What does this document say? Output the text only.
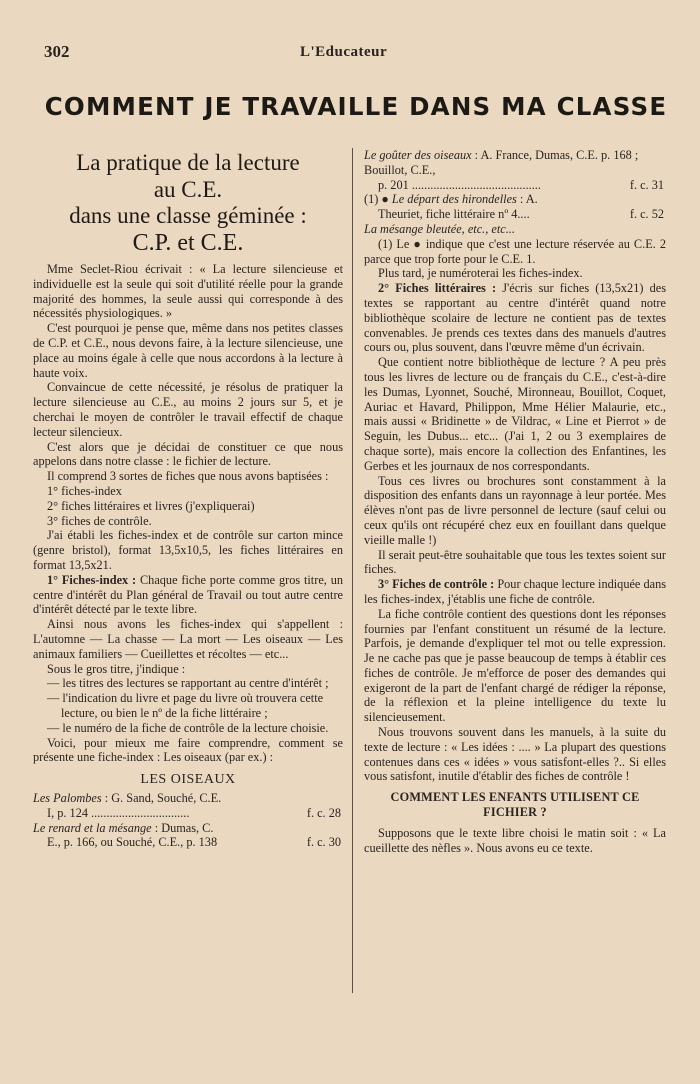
302	L'Educateur
COMMENT JE TRAVAILLE DANS MA CLASSE
La pratique de la lecture
au C.E.
dans une classe géminée :
C.P. et C.E.

Mme Seclet-Riou écrivait : « La lecture silencieuse et individuelle est la seule qui soit d'utilité réelle pour la grande majorité des hommes, la seule aussi qui corresponde à des nécessités physiologiques. »

C'est pourquoi je pense que, même dans nos petites classes de C.P. et C.E., nous devons faire, à la lecture silencieuse, une place au moins égale à celle que nous accordons à la lecture à haute voix.

Convaincue de cette nécessité, je résolus de pratiquer la lecture silencieuse au C.E., au moins 2 jours sur 5, et je cherchai le moyen de contrôler le travail effectif de chaque lecteur silencieux.

C'est alors que je décidai de constituer ce que nous appelons dans notre classe : le fichier de lecture.

Il comprend 3 sortes de fiches que nous avons baptisées :

1° fiches-index
2° fiches littéraires et livres (j'expliquerai)
3° fiches de contrôle.

J'ai établi les fiches-index et de contrôle sur carton mince (genre bristol), format 13,5x10,5, les fiches littéraires en format 13,5x21.

1° Fiches-index : Chaque fiche porte comme gros titre, un centre d'intérêt du Plan général de Travail ou tout autre centre d'intérêt détecté par le texte libre.

Ainsi nous avons les fiches-index qui s'appellent : L'automne — La chasse — La mort — Les oiseaux — Les animaux familiers — Cueillettes et récoltes — etc...

Sous le gros titre, j'indique :

— les titres des lectures se rapportant au centre d'intérêt ;
— l'indication du livre et page du livre où trouvera cette lecture, ou bien le nº de la fiche littéraire ;
— le numéro de la fiche de contrôle de la lecture choisie.

Voici, pour mieux me faire comprendre, comment se présente une fiche-index : Les oiseaux (par ex.) :

LES OISEAUX
Les Palombes : G. Sand, Souché, C.E.
I, p. 124 ................................	f. c. 28
Le renard et la mésange : Dumas, C.
E., p. 166, ou Souché, C.E., p. 138	f. c. 30
Le goûter des oiseaux : A. France, Dumas, C.E. p. 168 ; Bouillot, C.E.,
p. 201 ..........................................	f. c. 31
(1) ● Le départ des hirondelles : A.
Theuriet, fiche littéraire nº 4....	f. c. 52
La mésange bleutée, etc., etc...

(1) Le ● indique que c'est une lecture réservée au C.E. 2 parce que trop forte pour le C.E. 1.

Plus tard, je numéroterai les fiches-index.

2° Fiches littéraires : J'écris sur fiches (13,5x21) des textes se rapportant au centre d'intérêt quand notre bibliothèque scolaire de lecture ne contient pas de textes convenables. Je prends ces textes dans des manuels d'autres cours ou, plus souvent, dans l'œuvre même d'un écrivain.

Que contient notre bibliothèque de lecture ? A peu près tous les livres de lecture ou de français du C.E., c'est-à-dire les Dumas, Lyonnet, Souché, Mironneau, Bouillot, Coquet, Auriac et Havard, Philippon, Mme Hélier Malaurie, etc., mais aussi « Bridinette » de Vildrac, « Line et Pierrot » de Seguin, les Dubus... etc... (J'ai 1, 2 ou 3 exemplaires de chaque sorte), mais encore la collection des Enfantines, les Gerbes et les journaux de nos correspondants.

Tous ces livres ou brochures sont constamment à la disposition des enfants dans un rayonnage à leur portée. Mes élèves n'ont pas de livre personnel de lecture (sauf celui ou ceux qu'ils ont récupéré chez eux en fouillant dans quelque vieille malle !)

Il serait peut-être souhaitable que tous les textes soient sur fiches.

3° Fiches de contrôle : Pour chaque lecture indiquée dans les fiches-index, j'établis une fiche de contrôle.

La fiche contrôle contient des questions dont les réponses fournies par l'enfant constituent un résumé de la lecture. Parfois, je demande d'expliquer tel mot ou telle expression. Je ne cache pas que je passe beaucoup de temps à établir ces fiches de contrôle. Je m'efforce de poser des demandes qui exigeront de la part de l'enfant chargé de rédiger la réponse, de la réflexion et la pleine intelligence du texte lu silencieusement.

Nous trouvons souvent dans les manuels, à la suite du texte de lecture : « Les idées : .... » La plupart des questions contenues dans ces « idées » vous satisfont-elles ?.. Si elles vous satisfont, inutile d'établir des fiches de contrôle !

COMMENT LES ENFANTS UTILISENT CE FICHIER ?

Supposons que le texte libre choisi le matin soit : « La cueillette des nèfles ». Nous avons eu ce texte.
